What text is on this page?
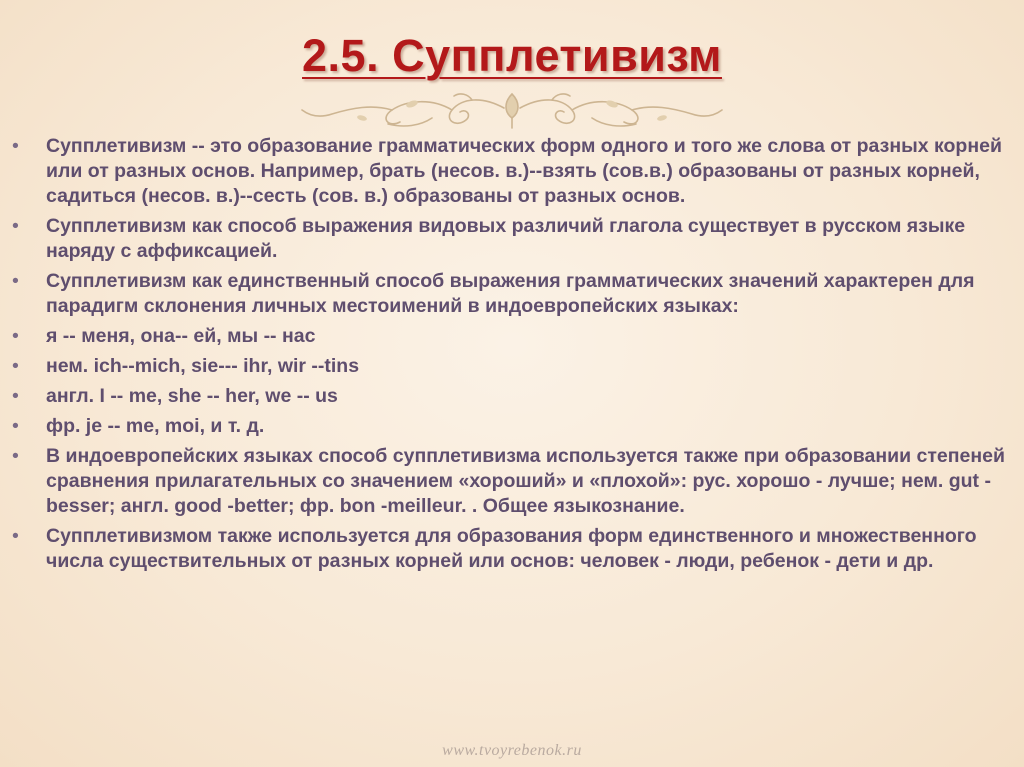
2.5. Супплетивизм
•	Супплетивизм -- это образование грамматических форм одного и того же слова от разных корней или от разных основ. Например, брать (несов. в.)--взять (сов.в.) образованы от разных корней, садиться (несов. в.)--сесть (сов. в.) образованы от разных основ.
•	Супплетивизм как способ выражения видовых различий глагола существует в русском языке наряду с аффиксацией.
•	Супплетивизм как единственный способ выражения грамматических значений характерен для парадигм склонения личных местоимений в индоевропейских языках:
•	я -- меня, она-- ей, мы -- нас
•	нем. ich--mich, sie--- ihr, wir --tins
•	англ. I -- me, she -- her, we -- us
•	фр. je -- me, moi, и т. д.
•	В индоевропейских языках способ супплетивизма используется также при образовании степеней сравнения прилагательных со значением «хороший» и «плохой»: рус. хорошо - лучше; нем. gut - besser; англ. good -better; фр. bon -meilleur. . Общее языкознание.
•	Супплетивизмом также используется для образования форм единственного и множественного числа существительных от разных корней или основ: человек - люди, ребенок - дети и др.
www.tvoyrebenok.ru
